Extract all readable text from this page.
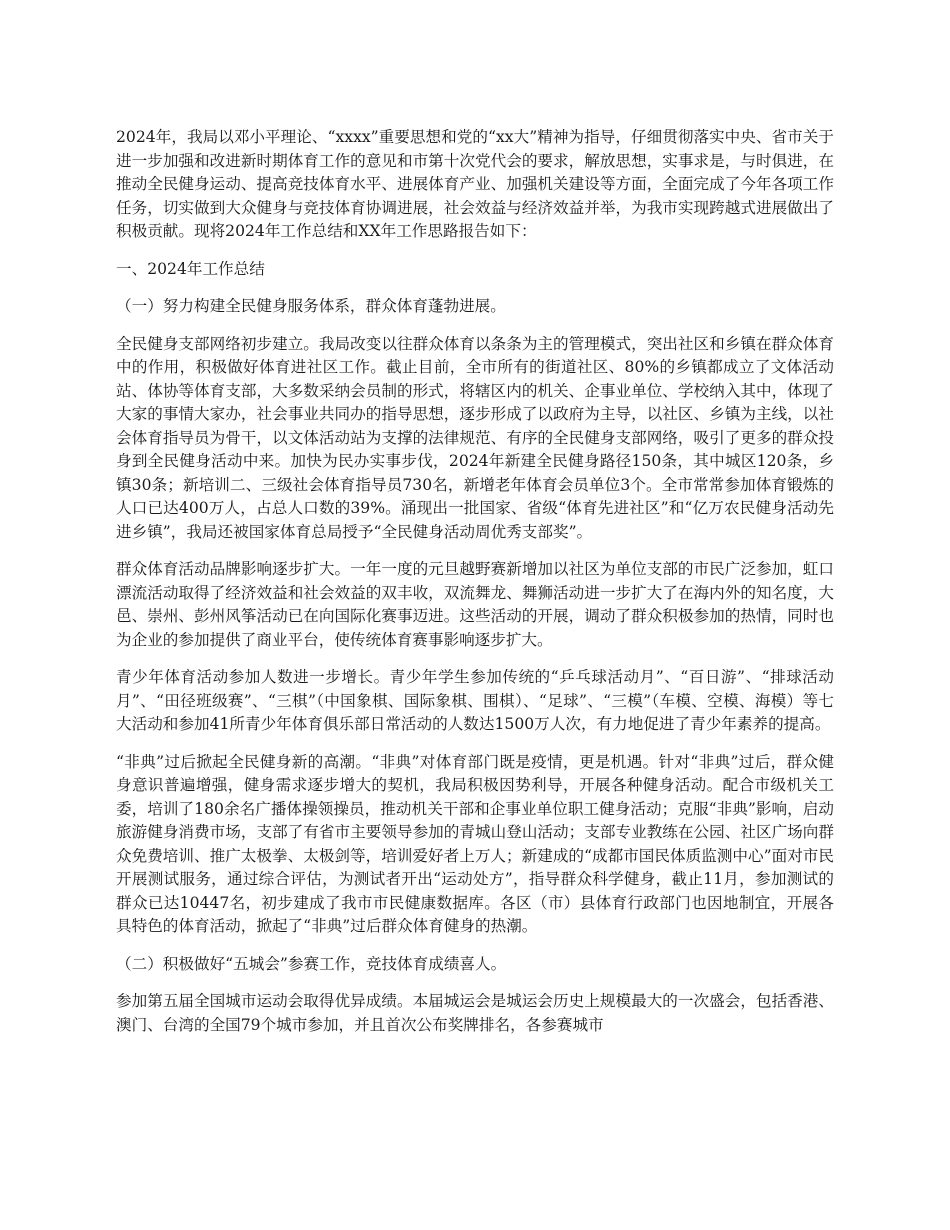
2024年，我局以邓小平理论、“xxxx”重要思想和党的“xx大”精神为指导，仔细贯彻落实中央、省市关于进一步加强和改进新时期体育工作的意见和市第十次党代会的要求，解放思想，实事求是，与时俱进，在推动全民健身运动、提高竞技体育水平、进展体育产业、加强机关建设等方面，全面完成了今年各项工作任务，切实做到大众健身与竞技体育协调进展，社会效益与经济效益并举，为我市实现跨越式进展做出了积极贡献。现将2024年工作总结和XX年工作思路报告如下：

一、2024年工作总结

（一）努力构建全民健身服务体系，群众体育蓬勃进展。

全民健身支部网络初步建立。我局改变以往群众体育以条条为主的管理模式，突出社区和乡镇在群众体育中的作用，积极做好体育进社区工作。截止目前，全市所有的街道社区、80%的乡镇都成立了文体活动站、体协等体育支部，大多数采纳会员制的形式，将辖区内的机关、企事业单位、学校纳入其中，体现了大家的事情大家办，社会事业共同办的指导思想，逐步形成了以政府为主导，以社区、乡镇为主线，以社会体育指导员为骨干，以文体活动站为支撑的法律规范、有序的全民健身支部网络，吸引了更多的群众投身到全民健身活动中来。加快为民办实事步伐，2024年新建全民健身路径150条，其中城区120条，乡镇30条；新培训二、三级社会体育指导员730名，新增老年体育会员单位3个。全市常常参加体育锻炼的人口已达400万人，占总人口数的39%。涌现出一批国家、省级“体育先进社区”和“亿万农民健身活动先进乡镇”，我局还被国家体育总局授予“全民健身活动周优秀支部奖”。

群众体育活动品牌影响逐步扩大。一年一度的元旦越野赛新增加以社区为单位支部的市民广泛参加，虹口漂流活动取得了经济效益和社会效益的双丰收，双流舞龙、舞狮活动进一步扩大了在海内外的知名度，大邑、崇州、彭州风筝活动已在向国际化赛事迈进。这些活动的开展，调动了群众积极参加的热情，同时也为企业的参加提供了商业平台，使传统体育赛事影响逐步扩大。

青少年体育活动参加人数进一步增长。青少年学生参加传统的“乒乓球活动月”、“百日游”、“排球活动月”、“田径班级赛”、“三棋”（中国象棋、国际象棋、围棋）、“足球”、“三模”（车模、空模、海模）等七大活动和参加41所青少年体育俱乐部日常活动的人数达1500万人次，有力地促进了青少年素养的提高。

“非典”过后掀起全民健身新的高潮。“非典”对体育部门既是疫情，更是机遇。针对“非典”过后，群众健身意识普遍增强，健身需求逐步增大的契机，我局积极因势利导，开展各种健身活动。配合市级机关工委，培训了180余名广播体操领操员，推动机关干部和企事业单位职工健身活动；克服“非典”影响，启动旅游健身消费市场，支部了有省市主要领导参加的青城山登山活动；支部专业教练在公园、社区广场向群众免费培训、推广太极拳、太极剑等，培训爱好者上万人；新建成的“成都市国民体质监测中心”面对市民开展测试服务，通过综合评估，为测试者开出“运动处方”，指导群众科学健身，截止11月，参加测试的群众已达10447名，初步建成了我市市民健康数据库。各区（市）县体育行政部门也因地制宜，开展各具特色的体育活动，掀起了“非典”过后群众体育健身的热潮。

（二）积极做好“五城会”参赛工作，竞技体育成绩喜人。

参加第五届全国城市运动会取得优异成绩。本届城运会是城运会历史上规模最大的一次盛会，包括香港、澳门、台湾的全国79个城市参加，并且首次公布奖牌排名，各参赛城市
